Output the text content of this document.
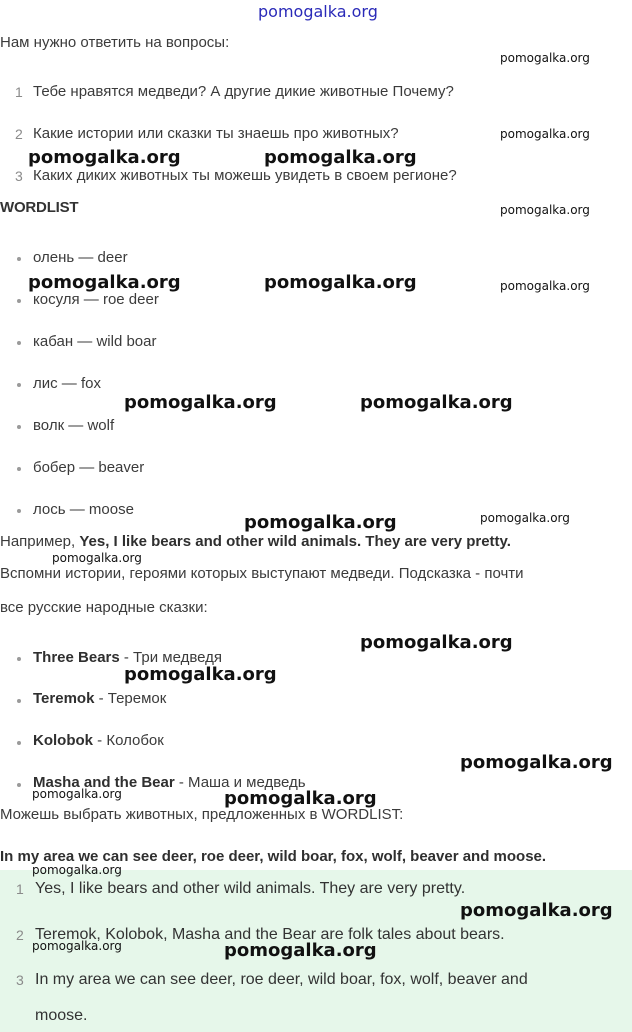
pomogalka.org
Нам нужно ответить на вопросы:
1 Тебе нравятся медведи? А другие дикие животные Почему?
2 Какие истории или сказки ты знаешь про животных?
3 Каких диких животных ты можешь увидеть в своем регионе?
WORDLIST
олень — deer
косуля — roe deer
кабан — wild boar
лис — fox
волк — wolf
бобер — beaver
лось — moose
Например, Yes, I like bears and other wild animals. They are very pretty.
Вспомни истории, героями которых выступают медведи. Подсказка - почти
все русские народные сказки:
Three Bears - Три медведя
Teremok - Теремок
Kolobok - Колобок
Masha and the Bear - Маша и медведь
Можешь выбрать животных, предложенных в WORDLIST:
In my area we can see deer, roe deer, wild boar, fox, wolf, beaver and moose.
1 Yes, I like bears and other wild animals. They are very pretty.
2 Teremok, Kolobok, Masha and the Bear are folk tales about bears.
3 In my area we can see deer, roe deer, wild boar, fox, wolf, beaver and
moose.
pomogalka.org
pomogalka.org
pomogalka.org	pomogalka.org
pomogalka.org
pomogalka.org	pomogalka.org	pomogalka.org
pomogalka.org	pomogalka.org
pomogalka.org	pomogalka.org
pomogalka.org
pomogalka.org
pomogalka.org
pomogalka.org
pomogalka.org	pomogalka.org
pomogalka.org
pomogalka.org
pomogalka.org	pomogalka.org
